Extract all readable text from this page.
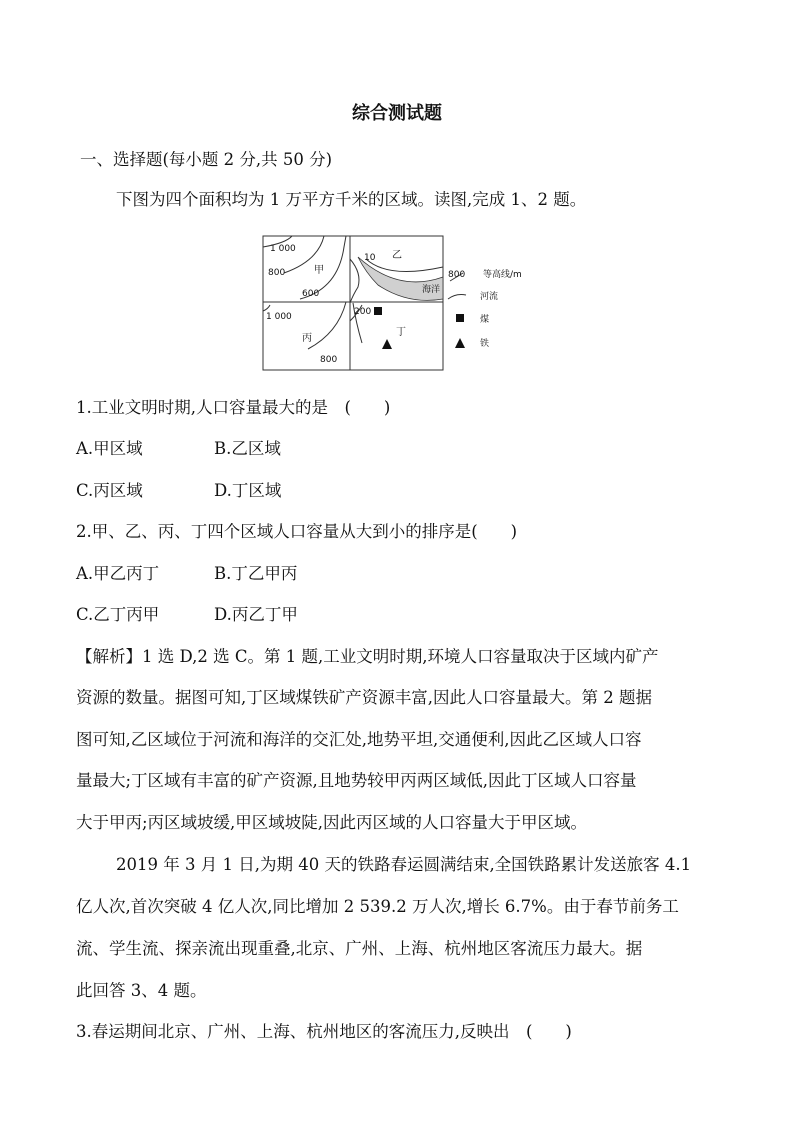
综合测试题
一、选择题(每小题 2 分,共 50 分)
下图为四个面积均为 1 万平方千米的区域。读图,完成 1、2 题。
1 000
800
600
10
1 000
800
200
海洋
800 等高线/m
河流
煤
铁
甲
乙
丙
丁
1.工业文明时期,人口容量最大的是　(　　)
A.甲区域	B.乙区域
C.丙区域	D.丁区域
2.甲、乙、丙、丁四个区域人口容量从大到小的排序是(　　)
A.甲乙丙丁	B.丁乙甲丙
C.乙丁丙甲	D.丙乙丁甲
【解析】1 选 D,2 选 C。第 1 题,工业文明时期,环境人口容量取决于区域内矿产
资源的数量。据图可知,丁区域煤铁矿产资源丰富,因此人口容量最大。第 2 题据
图可知,乙区域位于河流和海洋的交汇处,地势平坦,交通便利,因此乙区域人口容
量最大;丁区域有丰富的矿产资源,且地势较甲丙两区域低,因此丁区域人口容量
大于甲丙;丙区域坡缓,甲区域坡陡,因此丙区域的人口容量大于甲区域。
2019 年 3 月 1 日,为期 40 天的铁路春运圆满结束,全国铁路累计发送旅客 4.1
亿人次,首次突破 4 亿人次,同比增加 2 539.2 万人次,增长 6.7%。由于春节前务工
流、学生流、探亲流出现重叠,北京、广州、上海、杭州地区客流压力最大。据
此回答 3、4 题。
3.春运期间北京、广州、上海、杭州地区的客流压力,反映出　(　　)
